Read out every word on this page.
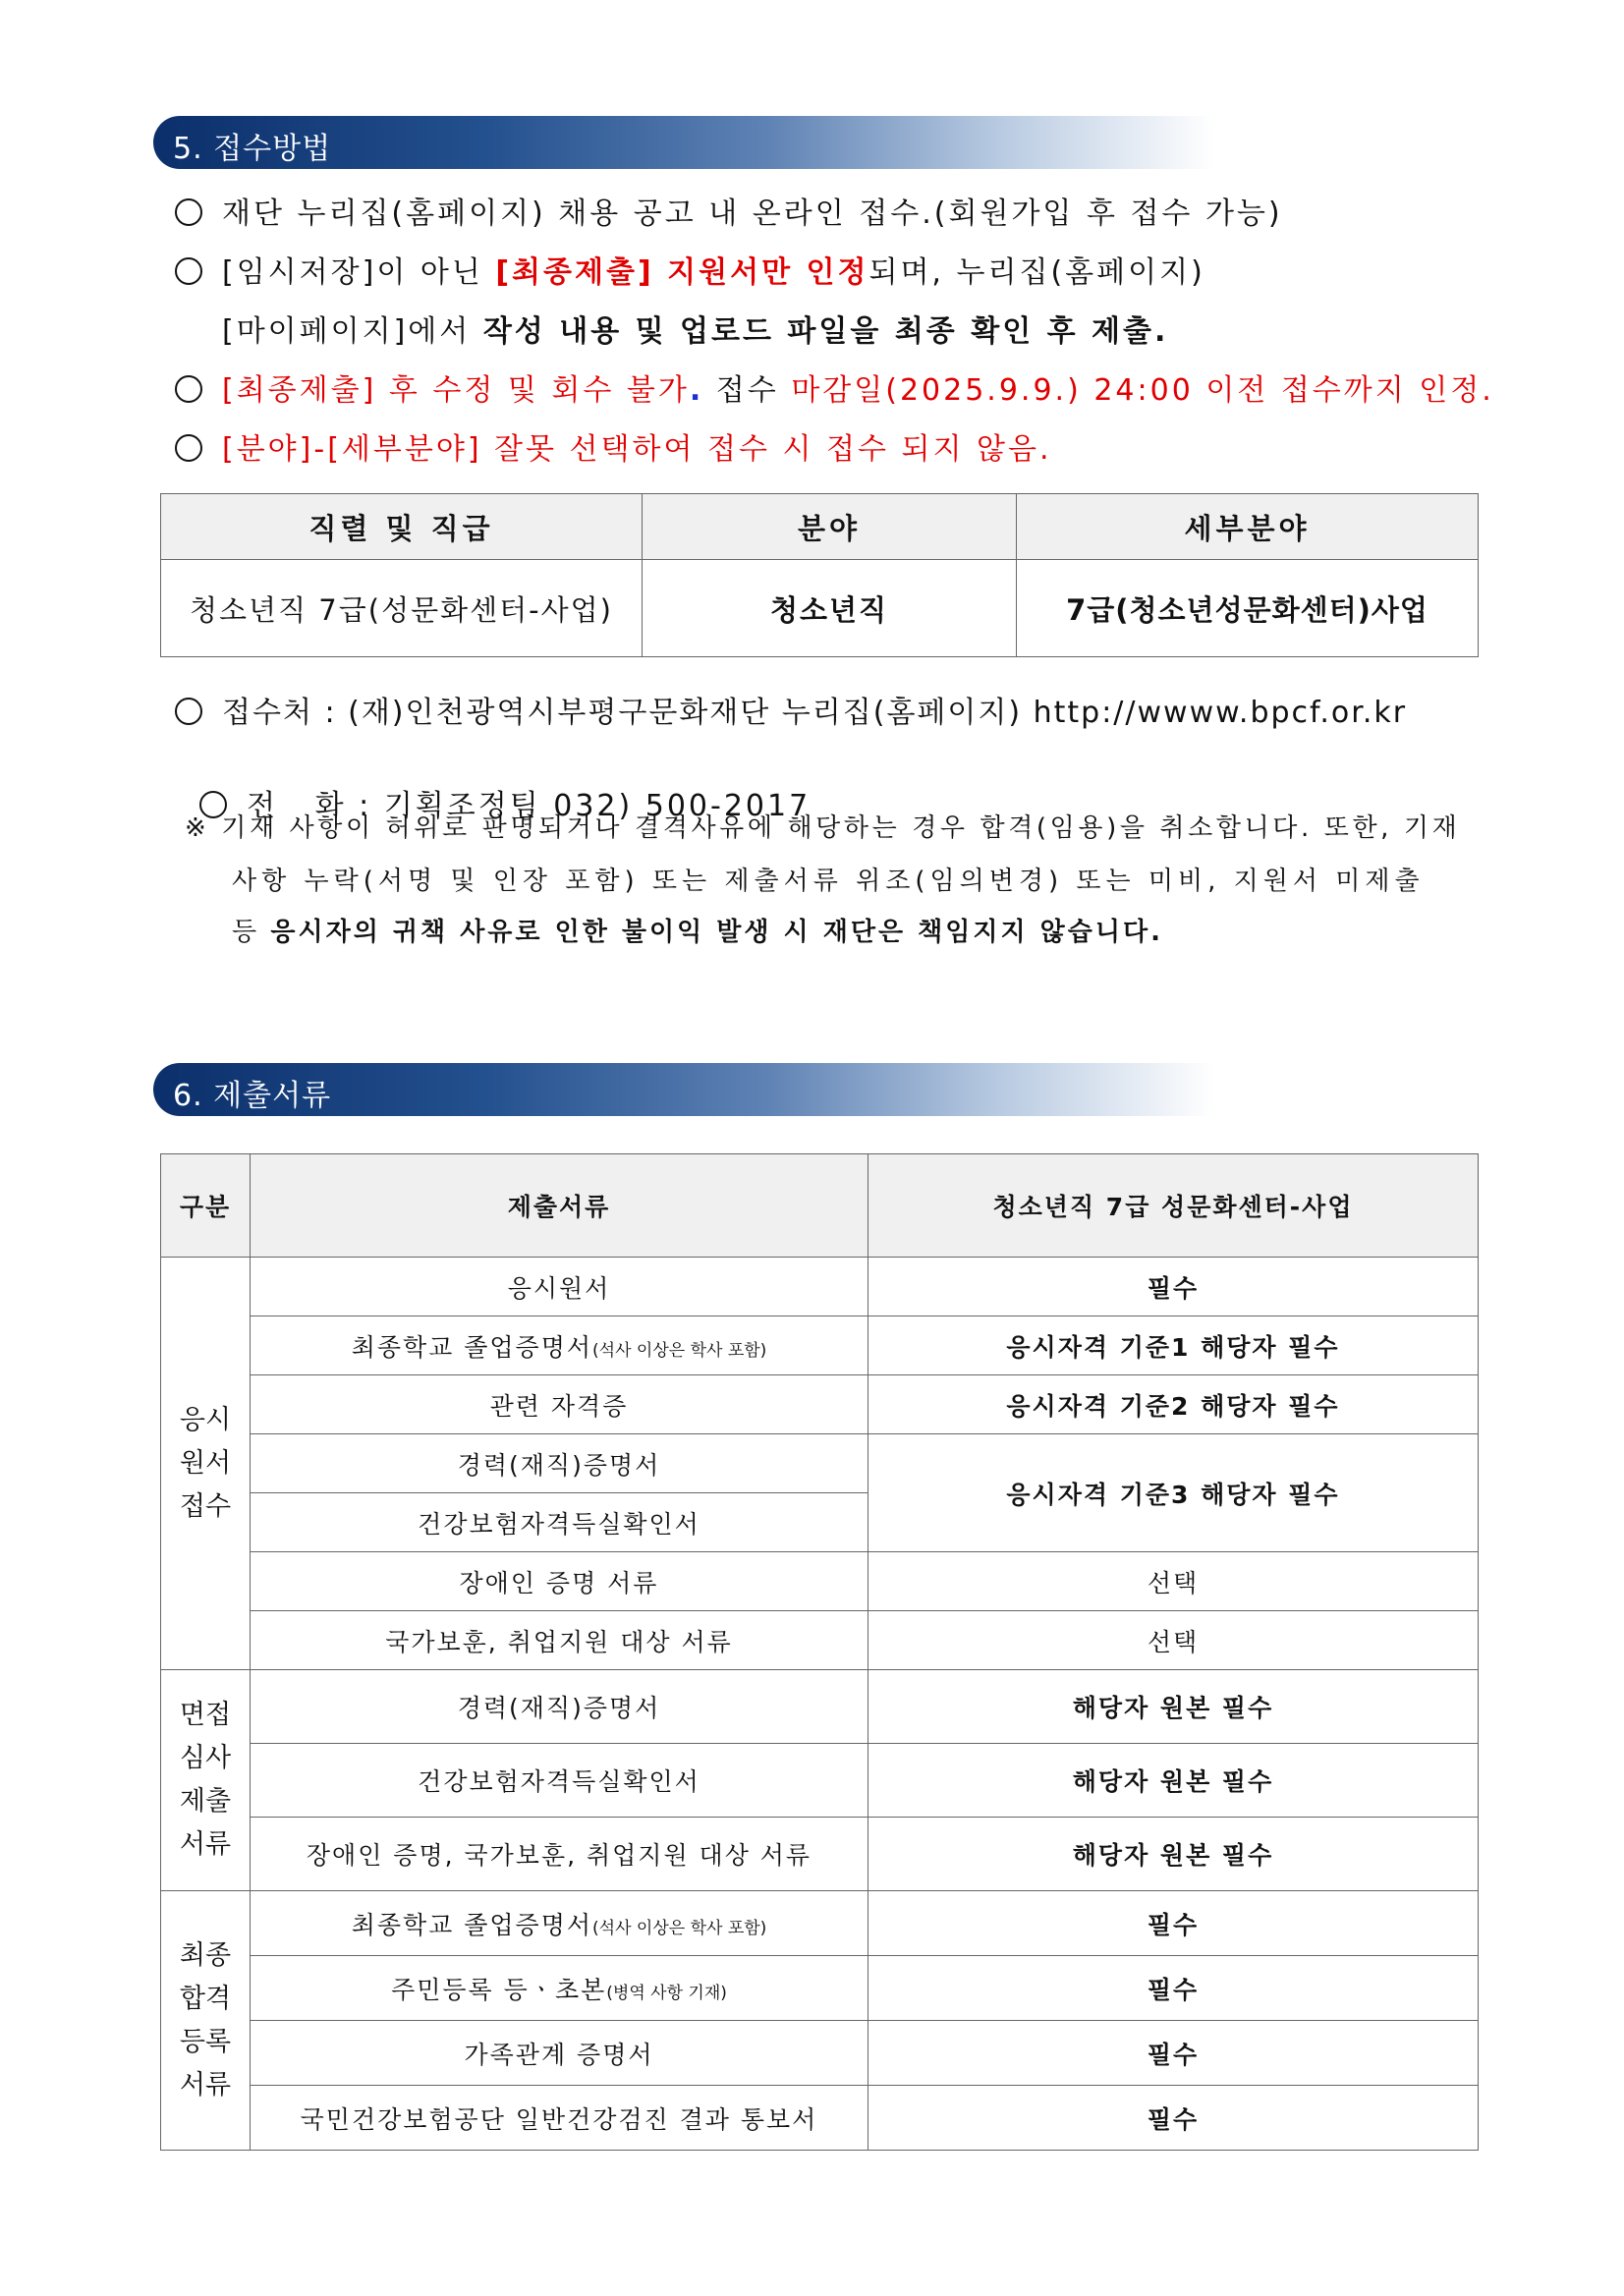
5. 접수방법
재단 누리집(홈페이지) 채용 공고 내 온라인 접수.(회원가입 후 접수 가능)
[임시저장]이 아닌 [최종제출] 지원서만 인정되며, 누리집(홈페이지)
[마이페이지]에서 작성 내용 및 업로드 파일을 최종 확인 후 제출.
[최종제출] 후 수정 및 회수 불가. 접수 마감일(2025.9.9.) 24:00 이전 접수까지 인정.
[분야]-[세부분야] 잘못 선택하여 접수 시 접수 되지 않음.
직렬 및 직급	분야	세부분야
청소년직 7급(성문화센터-사업)	청소년직	7급(청소년성문화센터)사업
접수처 : (재)인천광역시부평구문화재단 누리집(홈페이지) http://wwww.bpcf.or.kr

전   화 : 기획조정팀 032) 500-2017

※ 기재 사항이 허위로 판명되거나 결격사유에 해당하는 경우 합격(임용)을 취소합니다. 또한, 기재
사항 누락(서명 및 인장 포함) 또는 제출서류 위조(임의변경) 또는 미비, 지원서 미제출
등 응시자의 귀책 사유로 인한 불이익 발생 시 재단은 책임지지 않습니다.
6. 제출서류
구분	제출서류	청소년직 7급 성문화센터-사업

응시
원서
접수	응시원서	필수
	최종학교 졸업증명서(석사 이상은 학사 포함)	응시자격 기준1 해당자 필수
	관련 자격증	응시자격 기준2 해당자 필수
	경력(재직)증명서	응시자격 기준3 해당자 필수
	건강보험자격득실확인서	
	장애인 증명 서류	선택
	국가보훈, 취업지원 대상 서류	선택

면접
심사
제출
서류	경력(재직)증명서	해당자 원본 필수
	건강보험자격득실확인서	해당자 원본 필수
	장애인 증명, 국가보훈, 취업지원 대상 서류	해당자 원본 필수

최종
합격
등록
서류	최종학교 졸업증명서(석사 이상은 학사 포함)	필수
	주민등록 등ㆍ초본(병역 사항 기재)	필수
	가족관계 증명서	필수
	국민건강보험공단 일반건강검진 결과 통보서	필수
